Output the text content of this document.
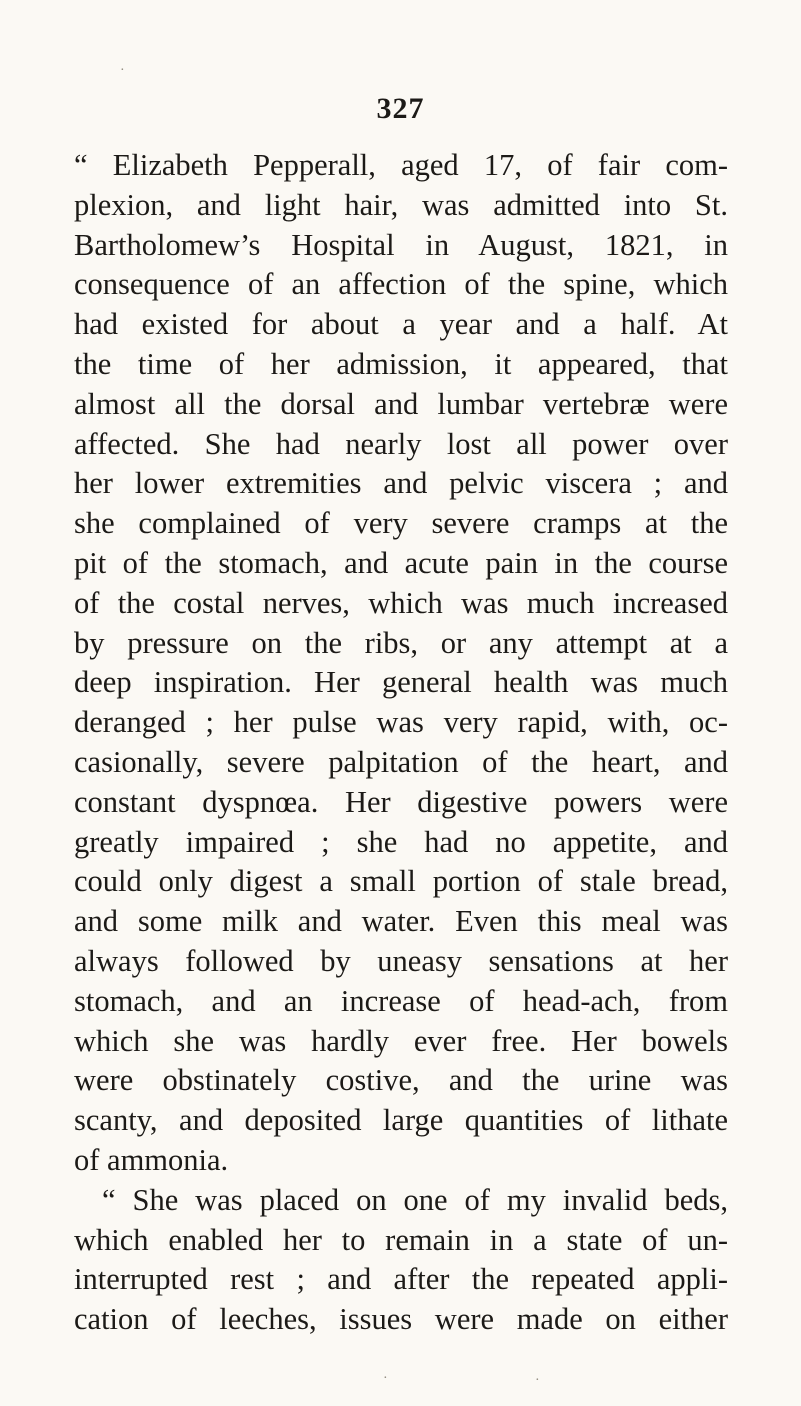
327
“ Elizabeth Pepperall, aged 17, of fair com-
plexion, and light hair, was admitted into St.
Bartholomew’s Hospital in August, 1821, in
consequence of an affection of the spine, which
had existed for about a year and a half. At
the time of her admission, it appeared, that
almost all the dorsal and lumbar vertebræ were
affected. She had nearly lost all power over
her lower extremities and pelvic viscera ; and
she complained of very severe cramps at the
pit of the stomach, and acute pain in the course
of the costal nerves, which was much increased
by pressure on the ribs, or any attempt at a
deep inspiration. Her general health was much
deranged ; her pulse was very rapid, with, oc-
casionally, severe palpitation of the heart, and
constant dyspnœa. Her digestive powers were
greatly impaired ; she had no appetite, and
could only digest a small portion of stale bread,
and some milk and water. Even this meal was
always followed by uneasy sensations at her
stomach, and an increase of head-ach, from
which she was hardly ever free. Her bowels
were obstinately costive, and the urine was
scanty, and deposited large quantities of lithate
of ammonia.
“ She was placed on one of my invalid beds,
which enabled her to remain in a state of un-
interrupted rest ; and after the repeated appli-
cation of leeches, issues were made on either
·
·	·
